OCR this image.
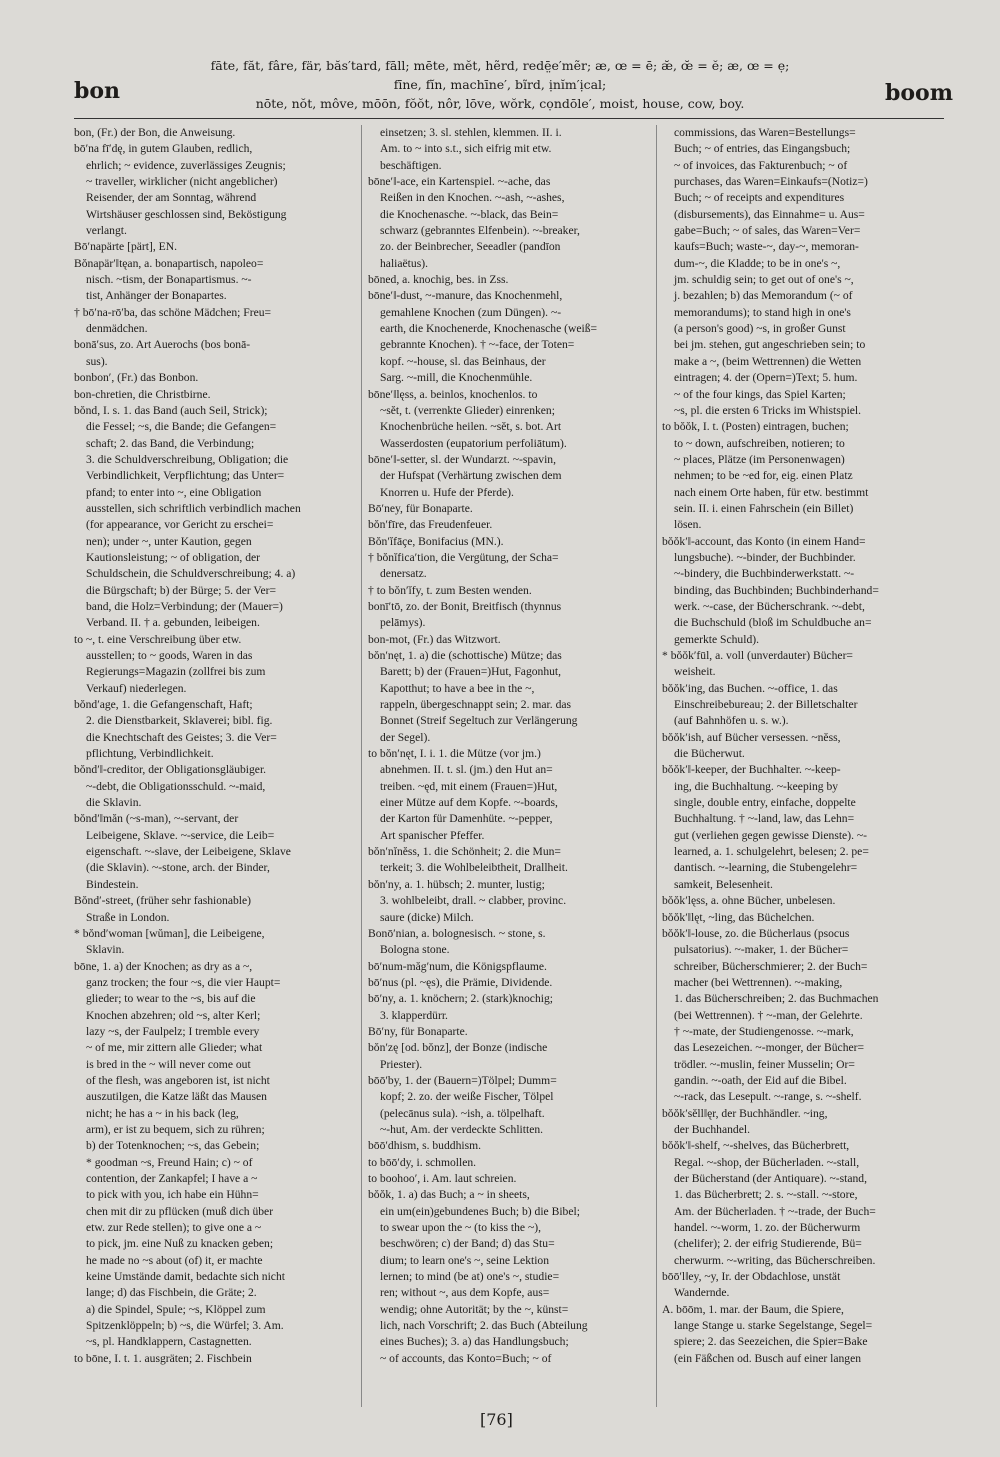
bon
fāte, făt, fâre, fär, băs′tard, fāll; mēte, mĕt, hẽrd, redē̤e′mẽr; æ, œ = ē; æ̆, œ̆ = ĕ; æ, œ = ẹ;
fīne, fĭn, machīne′, bĩrd, ịnĭm′ịcal;
nōte, nŏt, môve, mōōn, fŏŏt, nôr, lōve, wŏrk, cọndōle′, moist, house, cow, boy.	boom
bon, (Fr.) der Bon, die Anweisung.
bō′na fī′dę, in gutem Glauben, redlich,
ehrlich; ~ evidence, zuverlässiges Zeugnis;
~ traveller, wirklicher (nicht angeblicher)
Reisender, der am Sonntag, während
Wirtshäuser geschlossen sind, Beköstigung
verlangt.
Bō′napärte [pärt], EN.
Bŏnapär′‖tęan, a. bonapartisch, napoleo=
nisch. ~tism, der Bonapartismus. ~-
tist, Anhänger der Bonapartes.
† bō′na-rō′ba, das schöne Mädchen; Freu=
denmädchen.
bonā′sus, zo. Art Auerochs (bos bonā-
sus).
bonbon′, (Fr.) das Bonbon.
bon-chretien, die Christbirne.
bŏnd, I. s. 1. das Band (auch Seil, Strick);
die Fessel; ~s, die Bande; die Gefangen=
schaft; 2. das Band, die Verbindung;
3. die Schuldverschreibung, Obligation; die
Verbindlichkeit, Verpflichtung; das Unter=
pfand; to enter into ~, eine Obligation
ausstellen, sich schriftlich verbindlich machen
(for appearance, vor Gericht zu erschei=
nen); under ~, unter Kaution, gegen
Kautionsleistung; ~ of obligation, der
Schuldschein, die Schuldverschreibung; 4. a)
die Bürgschaft; b) der Bürge; 5. der Ver=
band, die Holz=Verbindung; der (Mauer=)
Verband. II. † a. gebunden, leibeigen.
to ~, t. eine Verschreibung über etw.
ausstellen; to ~ goods, Waren in das
Regierungs=Magazin (zollfrei bis zum
Verkauf) niederlegen.
bŏnd′age, 1. die Gefangenschaft, Haft;
2. die Dienstbarkeit, Sklaverei; bibl. fig.
die Knechtschaft des Geistes; 3. die Ver=
pflichtung, Verbindlichkeit.
bŏnd′‖-creditor, der Obligationsgläubiger.
~-debt, die Obligationsschuld. ~-maid,
die Sklavin.
bŏnd′‖măn (~s-man), ~-servant, der
Leibeigene, Sklave. ~-service, die Leib=
eigenschaft. ~-slave, der Leibeigene, Sklave
(die Sklavin). ~-stone, arch. der Binder,
Bindestein.
Bŏnd′-street, (früher sehr fashionable)
Straße in London.
* bŏnd′woman [wŭman], die Leibeigene,
Sklavin.
bōne, 1. a) der Knochen; as dry as a ~,
ganz trocken; the four ~s, die vier Haupt=
glieder; to wear to the ~s, bis auf die
Knochen abzehren; old ~s, alter Kerl;
lazy ~s, der Faulpelz; I tremble every
~ of me, mir zittern alle Glieder; what
is bred in the ~ will never come out
of the flesh, was angeboren ist, ist nicht
auszutilgen, die Katze läßt das Mausen
nicht; he has a ~ in his back (leg,
arm), er ist zu bequem, sich zu rühren;
b) der Totenknochen; ~s, das Gebein;
* goodman ~s, Freund Hain; c) ~ of
contention, der Zankapfel; I have a ~
to pick with you, ich habe ein Hühn=
chen mit dir zu pflücken (muß dich über
etw. zur Rede stellen); to give one a ~
to pick, jm. eine Nuß zu knacken geben;
he made no ~s about (of) it, er machte
keine Umstände damit, bedachte sich nicht
lange; d) das Fischbein, die Gräte; 2.
a) die Spindel, Spule; ~s, Klöppel zum
Spitzenklöppeln; b) ~s, die Würfel; 3. Am.
~s, pl. Handklappern, Castagnetten.
to bōne, I. t. 1. ausgräten; 2. Fischbein
einsetzen; 3. sl. stehlen, klemmen. II. i.
Am. to ~ into s.t., sich eifrig mit etw.
beschäftigen.
bōne′‖-ace, ein Kartenspiel. ~-ache, das
Reißen in den Knochen. ~-ash, ~-ashes,
die Knochenasche. ~-black, das Bein=
schwarz (gebranntes Elfenbein). ~-breaker,
zo. der Beinbrecher, Seeadler (pandīon
haliaëtus).
bōned, a. knochig, bes. in Zss.
bōne′‖-dust, ~-manure, das Knochenmehl,
gemahlene Knochen (zum Düngen). ~-
earth, die Knochenerde, Knochenasche (weiß=
gebrannte Knochen). † ~-face, der Toten=
kopf. ~-house, sl. das Beinhaus, der
Sarg. ~-mill, die Knochenmühle.
bōne′‖lęss, a. beinlos, knochenlos. to
~sĕt, t. (verrenkte Glieder) einrenken;
Knochenbrüche heilen. ~sĕt, s. bot. Art
Wasserdosten (eupatorium perfoliātum).
bōne′‖-setter, sl. der Wundarzt. ~-spavin,
der Hufspat (Verhärtung zwischen dem
Knorren u. Hufe der Pferde).
Bō′ney, für Bonaparte.
bŏn′fīre, das Freudenfeuer.
Bŏn′ĭfāçe, Bonifacius (MN.).
† bŏnĭfica′tion, die Vergütung, der Scha=
denersatz.
† to bŏn′ĭfy, t. zum Besten wenden.
bonī′tō, zo. der Bonit, Breitfisch (thynnus
pelāmys).
bon-mot, (Fr.) das Witzwort.
bŏn′nęt, 1. a) die (schottische) Mütze; das
Barett; b) der (Frauen=)Hut, Fagonhut,
Kapotthut; to have a bee in the ~,
rappeln, übergeschnappt sein; 2. mar. das
Bonnet (Streif Segeltuch zur Verlängerung
der Segel).
to bŏn′nęt, I. i. 1. die Mütze (vor jm.)
abnehmen. II. t. sl. (jm.) den Hut an=
treiben. ~ęd, mit einem (Frauen=)Hut,
einer Mütze auf dem Kopfe. ~-boards,
der Karton für Damenhüte. ~-pepper,
Art spanischer Pfeffer.
bŏn′nĭnĕss, 1. die Schönheit; 2. die Mun=
terkeit; 3. die Wohlbeleibtheit, Drallheit.
bŏn′ny, a. 1. hübsch; 2. munter, lustig;
3. wohlbeleibt, drall. ~ clabber, provinc.
saure (dicke) Milch.
Bonō′nian, a. bolognesisch. ~ stone, s.
Bologna stone.
bō′num-măg′num, die Königspflaume.
bō′nus (pl. ~ęs), die Prämie, Dividende.
bō′ny, a. 1. knöchern; 2. (stark)knochig;
3. klapperdürr.
Bō′ny, für Bonaparte.
bŏn′zę [od. bŏnz], der Bonze (indische
Priester).
bōō′by, 1. der (Bauern=)Tölpel; Dumm=
kopf; 2. zo. der weiße Fischer, Tölpel
(pelecānus sula). ~ish, a. tölpelhaft.
~-hut, Am. der verdeckte Schlitten.
bōō′dhism, s. buddhism.
to bōō′dy, i. schmollen.
to boohoo′, i. Am. laut schreien.
bŏŏk, 1. a) das Buch; a ~ in sheets,
ein um(ein)gebundenes Buch; b) die Bibel;
to swear upon the ~ (to kiss the ~),
beschwören; c) der Band; d) das Stu=
dium; to learn one's ~, seine Lektion
lernen; to mind (be at) one's ~, studie=
ren; without ~, aus dem Kopfe, aus=
wendig; ohne Autorität; by the ~, künst=
lich, nach Vorschrift; 2. das Buch (Abteilung
eines Buches); 3. a) das Handlungsbuch;
~ of accounts, das Konto=Buch; ~ of
commissions, das Waren=Bestellungs=
Buch; ~ of entries, das Eingangsbuch;
~ of invoices, das Fakturenbuch; ~ of
purchases, das Waren=Einkaufs=(Notiz=)
Buch; ~ of receipts and expenditures
(disbursements), das Einnahme= u. Aus=
gabe=Buch; ~ of sales, das Waren=Ver=
kaufs=Buch; waste-~, day-~, memoran-
dum-~, die Kladde; to be in one's ~,
jm. schuldig sein; to get out of one's ~,
j. bezahlen; b) das Memorandum (~ of
memorandums); to stand high in one's
(a person's good) ~s, in großer Gunst
bei jm. stehen, gut angeschrieben sein; to
make a ~, (beim Wettrennen) die Wetten
eintragen; 4. der (Opern=)Text; 5. hum.
~ of the four kings, das Spiel Karten;
~s, pl. die ersten 6 Tricks im Whistspiel.
to bŏŏk, I. t. (Posten) eintragen, buchen;
to ~ down, aufschreiben, notieren; to
~ places, Plätze (im Personenwagen)
nehmen; to be ~ed for, eig. einen Platz
nach einem Orte haben, für etw. bestimmt
sein. II. i. einen Fahrschein (ein Billet)
lösen.
bŏŏk′‖-account, das Konto (in einem Hand=
lungsbuche). ~-binder, der Buchbinder.
~-bindery, die Buchbinderwerkstatt. ~-
binding, das Buchbinden; Buchbinderhand=
werk. ~-case, der Bücherschrank. ~-debt,
die Buchschuld (bloß im Schuldbuche an=
gemerkte Schuld).
* bŏŏk′fūl, a. voll (unverdauter) Bücher=
weisheit.
bŏŏk′ing, das Buchen. ~-office, 1. das
Einschreibebureau; 2. der Billetschalter
(auf Bahnhöfen u. s. w.).
bŏŏk′ish, auf Bücher versessen. ~nĕss,
die Bücherwut.
bŏŏk′‖-keeper, der Buchhalter. ~-keep-
ing, die Buchhaltung. ~-keeping by
single, double entry, einfache, doppelte
Buchhaltung. † ~-land, law, das Lehn=
gut (verliehen gegen gewisse Dienste). ~-
learned, a. 1. schulgelehrt, belesen; 2. pe=
dantisch. ~-learning, die Stubengelehr=
samkeit, Belesenheit.
bŏŏk′lęss, a. ohne Bücher, unbelesen.
bŏŏk′‖lęt, ~ling, das Büchelchen.
bŏŏk′‖-louse, zo. die Bücherlaus (psocus
pulsatorius). ~-maker, 1. der Bücher=
schreiber, Bücherschmierer; 2. der Buch=
macher (bei Wettrennen). ~-making,
1. das Bücherschreiben; 2. das Buchmachen
(bei Wettrennen). † ~-man, der Gelehrte.
† ~-mate, der Studiengenosse. ~-mark,
das Lesezeichen. ~-monger, der Bücher=
trödler. ~-muslin, feiner Musselin; Or=
gandin. ~-oath, der Eid auf die Bibel.
~-rack, das Lesepult. ~-range, s. ~-shelf.
bŏŏk′sĕll‖ęr, der Buchhändler. ~ing,
der Buchhandel.
bŏŏk′‖-shelf, ~-shelves, das Bücherbrett,
Regal. ~-shop, der Bücherladen. ~-stall,
der Bücherstand (der Antiquare). ~-stand,
1. das Bücherbrett; 2. s. ~-stall. ~-store,
Am. der Bücherladen. † ~-trade, der Buch=
handel. ~-worm, 1. zo. der Bücherwurm
(chelifer); 2. der eifrig Studierende, Bü=
cherwurm. ~-writing, das Bücherschreiben.
bōō′l‖ey, ~y, Ir. der Obdachlose, unstät
Wandernde.
A. bōōm, 1. mar. der Baum, die Spiere,
lange Stange u. starke Segelstange, Segel=
spiere; 2. das Seezeichen, die Spier=Bake
(ein Fäßchen od. Busch auf einer langen
[76]
